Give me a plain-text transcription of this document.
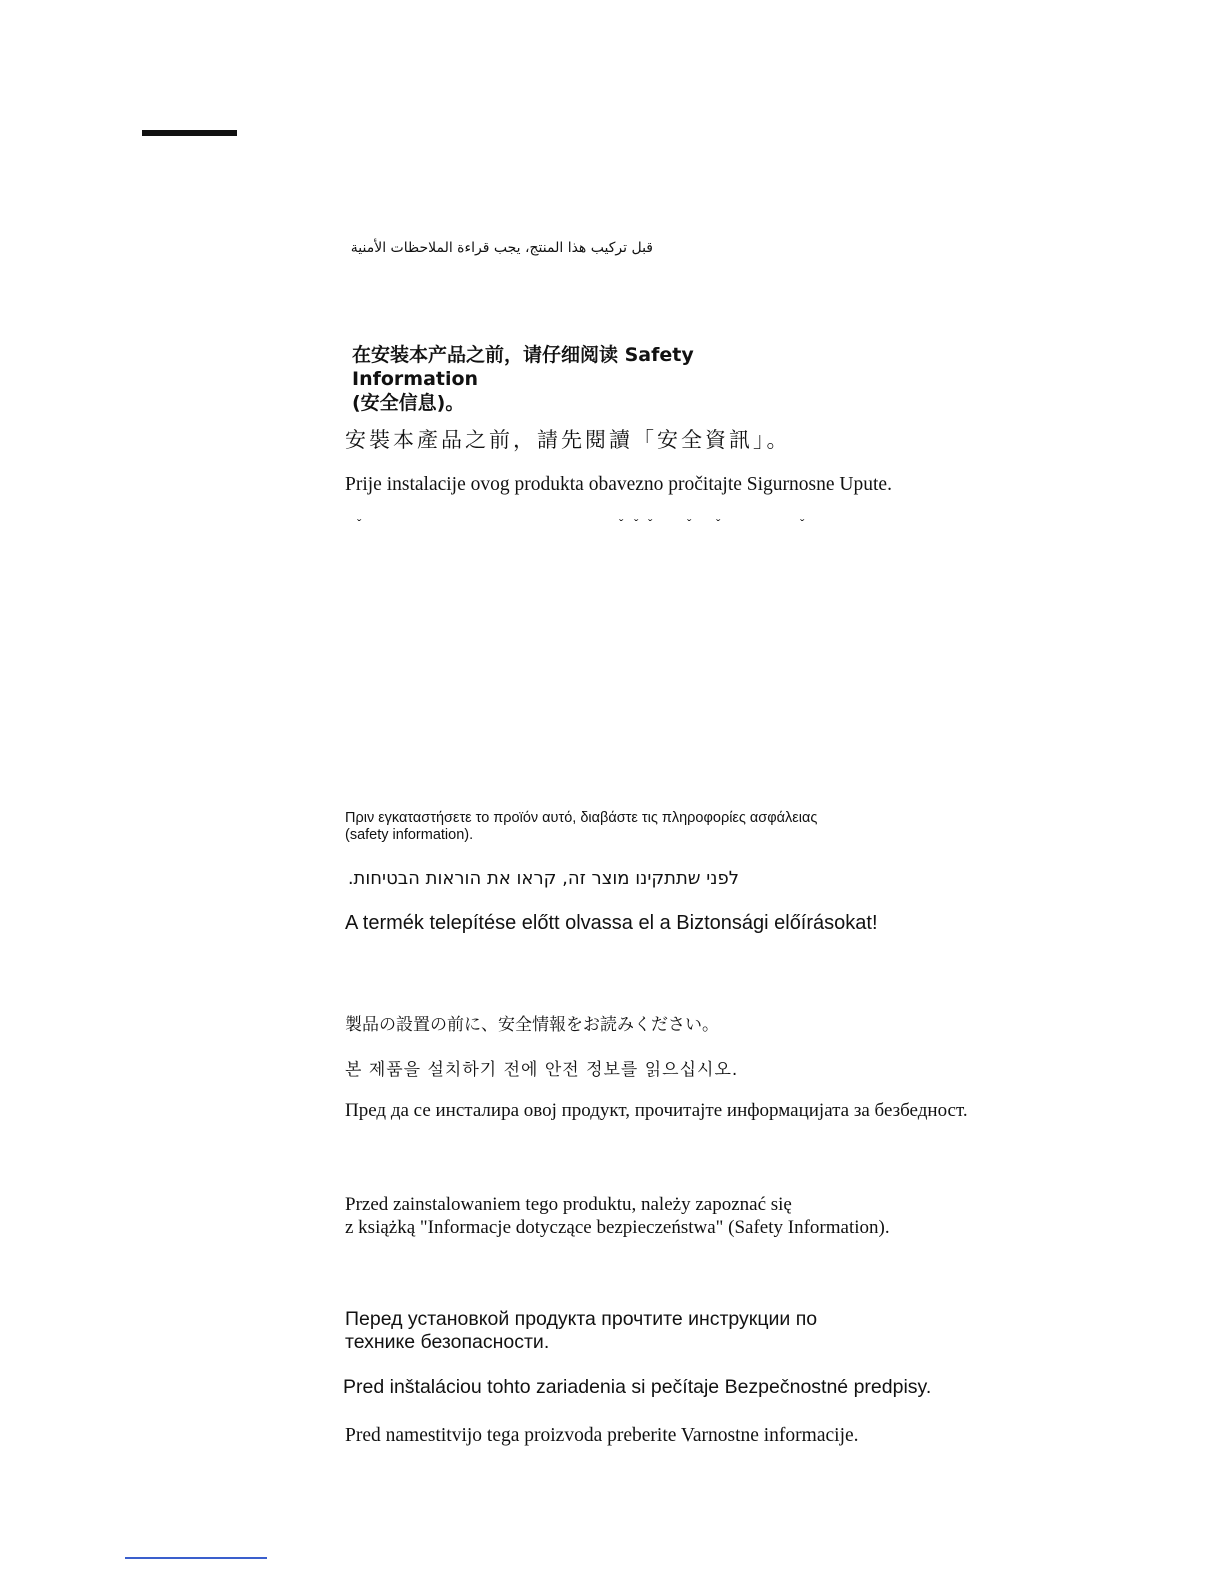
قبل تركيب هذا المنتج، يجب قراءة الملاحظات الأمنية

在安装本产品之前，请仔细阅读 Safety Information
(安全信息)。

安裝本產品之前，請先閱讀「安全資訊」。

Prije instalacije ovog produkta obavezno pročitajte Sigurnosne Upute.

ˇ	ˇ ˇ ˇ	ˇ ˇ	ˇ
Πριν εγκαταστήσετε το προϊόν αυτό, διαβάστε τις πληροφορίες ασφάλειας
(safety information).

לפני שתתקינו מוצר זה, קראו את הוראות הבטיחות.

A termék telepítése előtt olvassa el a Biztonsági előírásokat!

製品の設置の前に、安全情報をお読みください。

본 제품을 설치하기 전에 안전 정보를 읽으십시오.

Пред да се инсталира овој продукт, прочитајте информацијата за безбедност.

Przed zainstalowaniem tego produktu, należy zapoznać się
z książką "Informacje dotyczące bezpieczeństwa" (Safety Information).
Перед установкой продукта прочтите инструкции по
технике безопасности.

Pred inštaláciou tohto zariadenia si pečítaje Bezpečnostné predpisy.

Pred namestitvijo tega proizvoda preberite Varnostne informacije.
